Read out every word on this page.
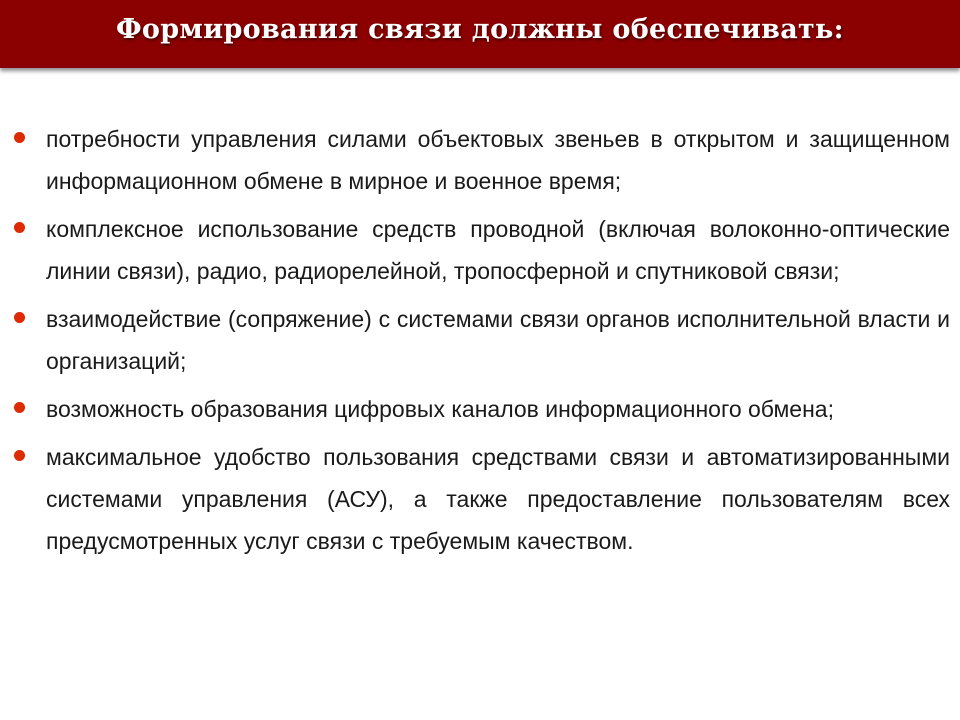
Формирования связи должны обеспечивать:
потребности управления силами объектовых звеньев в открытом и защищенном информационном обмене в мирное и военное время;
комплексное использование средств проводной (включая волоконно-оптические линии связи), радио, радиорелейной, тропосферной и спутниковой связи;
взаимодействие (сопряжение) с системами связи органов исполнительной власти и организаций;
возможность образования цифровых каналов информационного обмена;
максимальное удобство пользования средствами связи и автоматизированными системами управления (АСУ), а также предоставление пользователям всех предусмотренных услуг связи с требуемым качеством.
